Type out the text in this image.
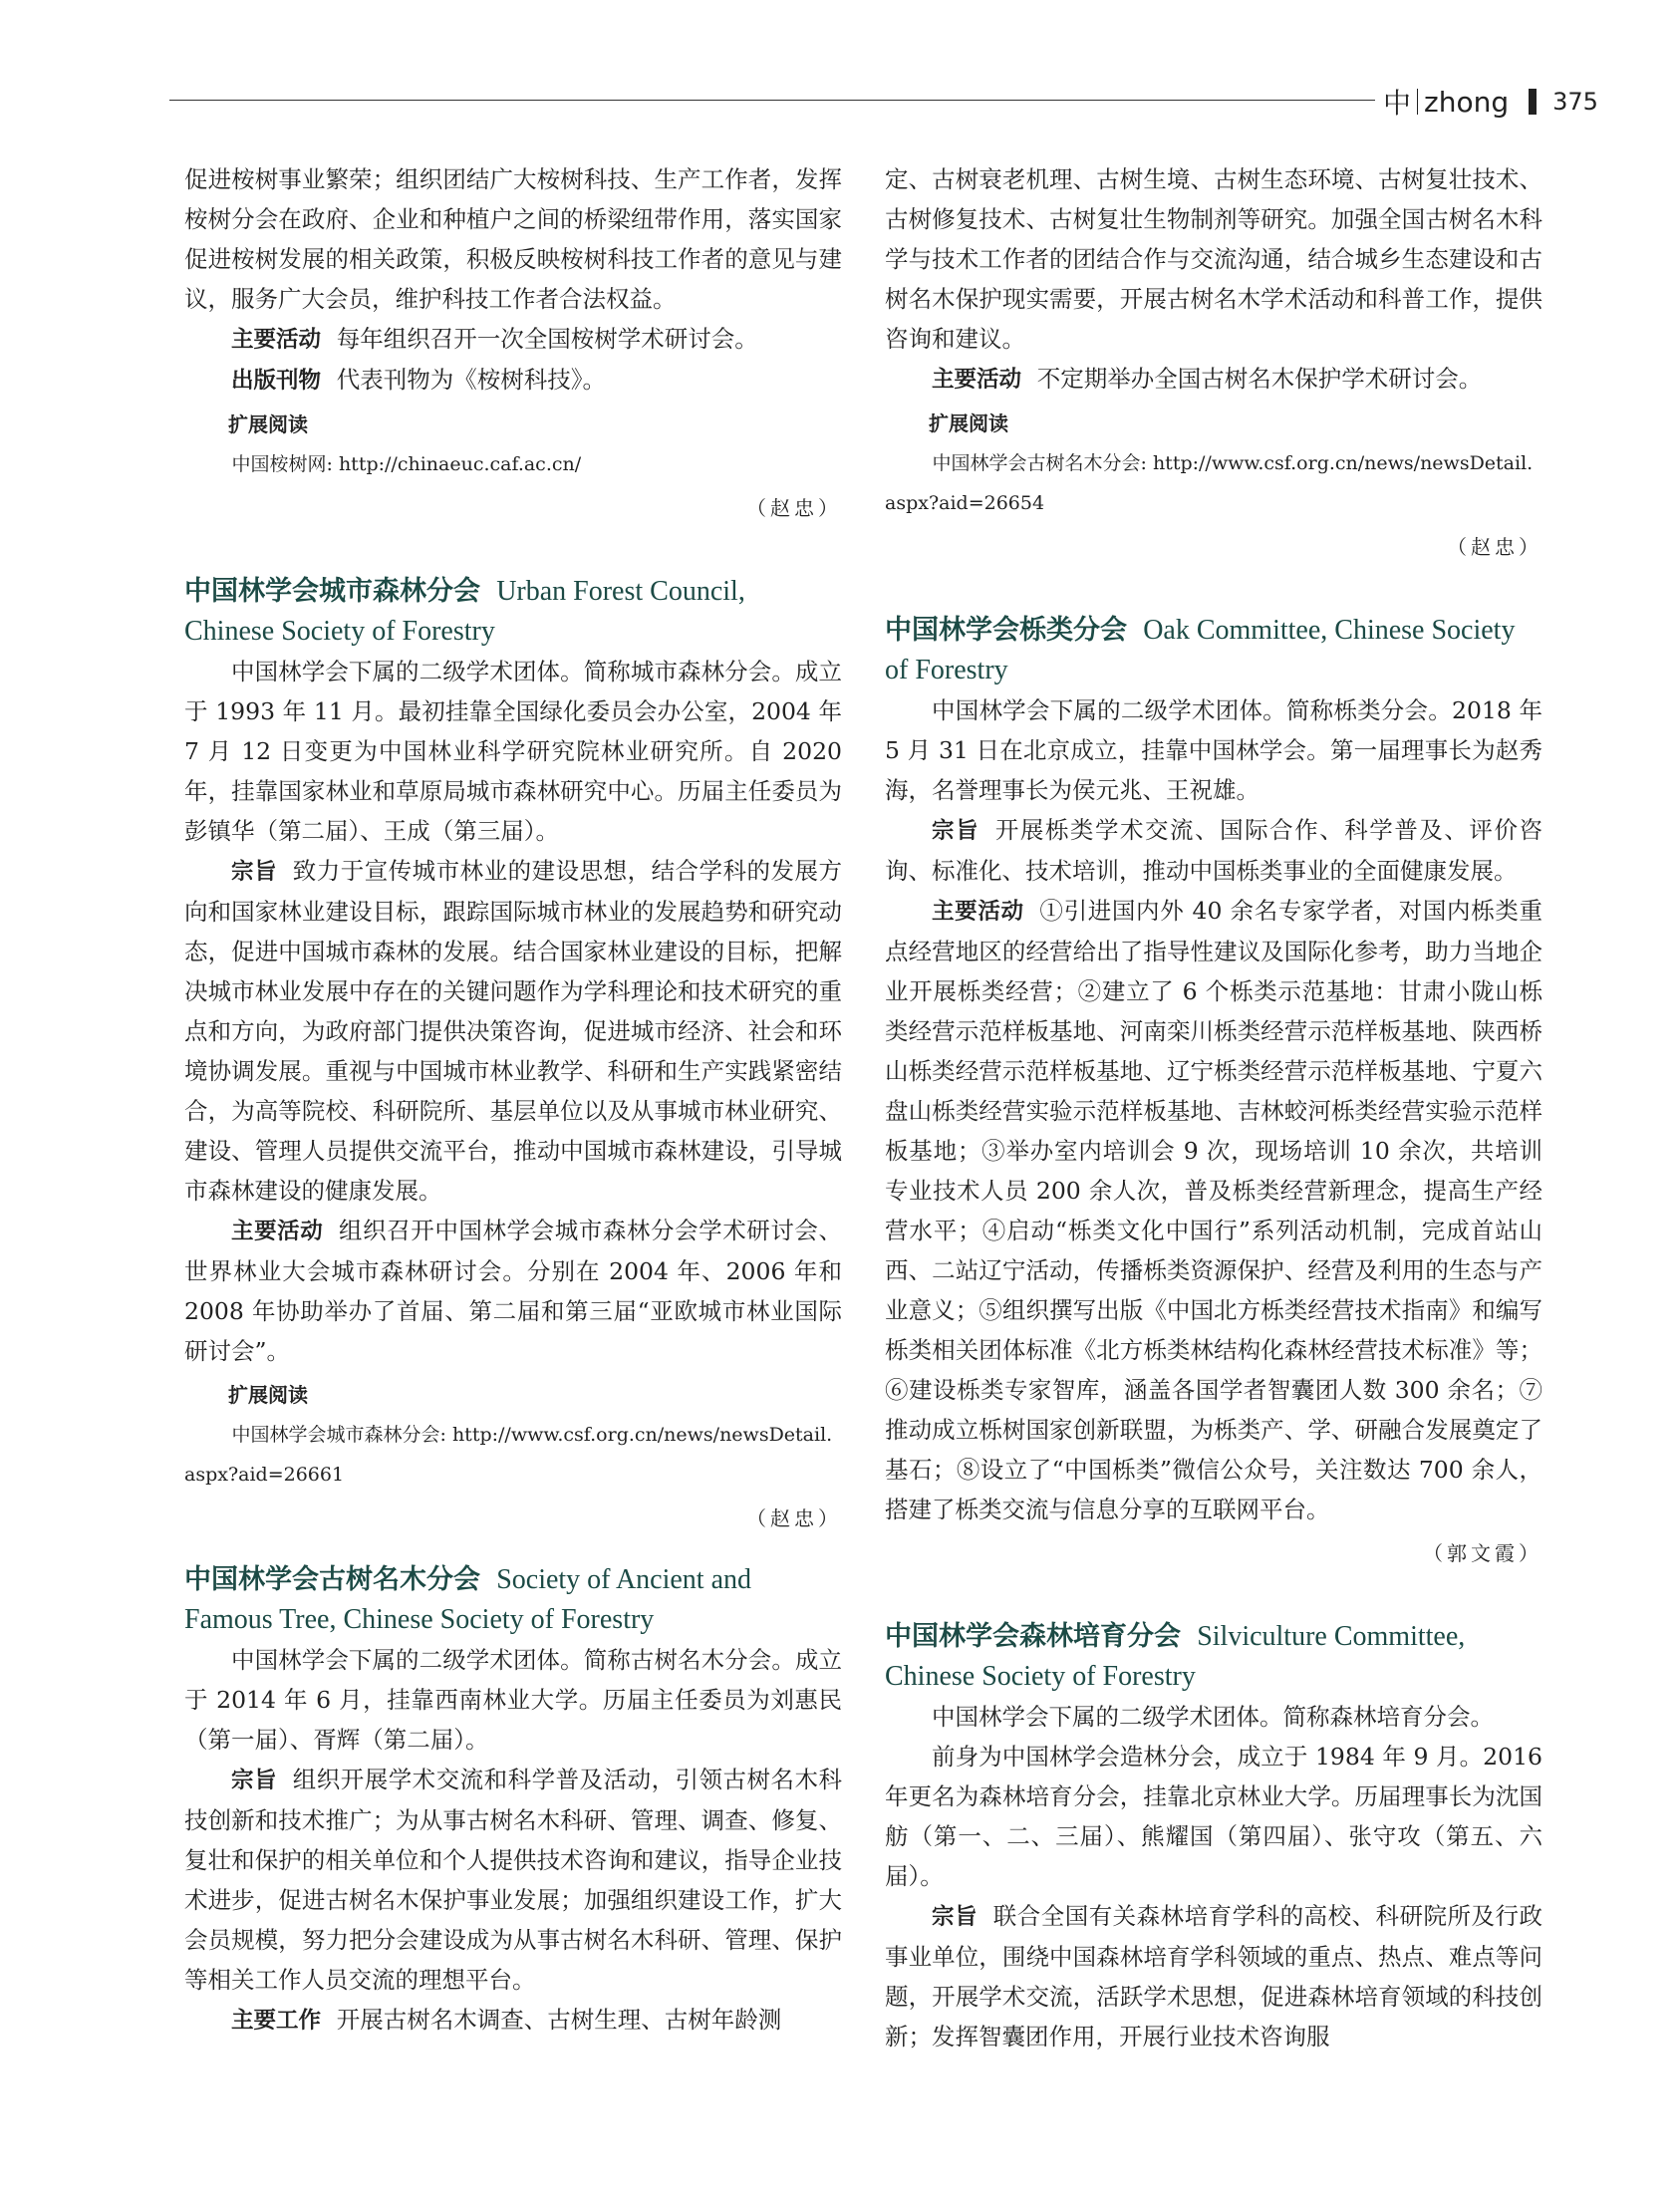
中 zhong 375

促进桉树事业繁荣；组织团结广大桉树科技、生产工作者，发挥桉树分会在政府、企业和种植户之间的桥梁纽带作用，落实国家促进桉树发展的相关政策，积极反映桉树科技工作者的意见与建议，服务广大会员，维护科技工作者合法权益。

主要活动 每年组织召开一次全国桉树学术研讨会。

出版刊物 代表刊物为《桉树科技》。

扩展阅读
中国桉树网: http://chinaeuc.caf.ac.cn/
（赵忠）
中国林学会城市森林分会 Urban Forest Council, Chinese Society of Forestry

中国林学会下属的二级学术团体。简称城市森林分会。成立于 1993 年 11 月。最初挂靠全国绿化委员会办公室，2004 年 7 月 12 日变更为中国林业科学研究院林业研究所。自 2020 年，挂靠国家林业和草原局城市森林研究中心。历届主任委员为彭镇华（第二届）、王成（第三届）。

宗旨 致力于宣传城市林业的建设思想，结合学科的发展方向和国家林业建设目标，跟踪国际城市林业的发展趋势和研究动态，促进中国城市森林的发展。结合国家林业建设的目标，把解决城市林业发展中存在的关键问题作为学科理论和技术研究的重点和方向，为政府部门提供决策咨询，促进城市经济、社会和环境协调发展。重视与中国城市林业教学、科研和生产实践紧密结合，为高等院校、科研院所、基层单位以及从事城市林业研究、建设、管理人员提供交流平台，推动中国城市森林建设，引导城市森林建设的健康发展。

主要活动 组织召开中国林学会城市森林分会学术研讨会、世界林业大会城市森林研讨会。分别在 2004 年、2006 年和 2008 年协助举办了首届、第二届和第三届“亚欧城市林业国际研讨会”。

扩展阅读
中国林学会城市森林分会: http://www.csf.org.cn/news/newsDetail.
aspx?aid=26661
（赵忠）
中国林学会古树名木分会 Society of Ancient and Famous Tree, Chinese Society of Forestry

中国林学会下属的二级学术团体。简称古树名木分会。成立于 2014 年 6 月，挂靠西南林业大学。历届主任委员为刘惠民（第一届）、胥辉（第二届）。

宗旨 组织开展学术交流和科学普及活动，引领古树名木科技创新和技术推广；为从事古树名木科研、管理、调查、修复、复壮和保护的相关单位和个人提供技术咨询和建议，指导企业技术进步，促进古树名木保护事业发展；加强组织建设工作，扩大会员规模，努力把分会建设成为从事古树名木科研、管理、保护等相关工作人员交流的理想平台。

主要工作 开展古树名木调查、古树生理、古树年龄测

定、古树衰老机理、古树生境、古树生态环境、古树复壮技术、古树修复技术、古树复壮生物制剂等研究。加强全国古树名木科学与技术工作者的团结合作与交流沟通，结合城乡生态建设和古树名木保护现实需要，开展古树名木学术活动和科普工作，提供咨询和建议。

主要活动 不定期举办全国古树名木保护学术研讨会。

扩展阅读
中国林学会古树名木分会: http://www.csf.org.cn/news/newsDetail.
aspx?aid=26654
（赵忠）
中国林学会栎类分会 Oak Committee, Chinese Society of Forestry

中国林学会下属的二级学术团体。简称栎类分会。2018 年 5 月 31 日在北京成立，挂靠中国林学会。第一届理事长为赵秀海，名誉理事长为侯元兆、王祝雄。

宗旨 开展栎类学术交流、国际合作、科学普及、评价咨询、标准化、技术培训，推动中国栎类事业的全面健康发展。

主要活动 ①引进国内外 40 余名专家学者，对国内栎类重点经营地区的经营给出了指导性建议及国际化参考，助力当地企业开展栎类经营；②建立了 6 个栎类示范基地：甘肃小陇山栎类经营示范样板基地、河南栾川栎类经营示范样板基地、陕西桥山栎类经营示范样板基地、辽宁栎类经营示范样板基地、宁夏六盘山栎类经营实验示范样板基地、吉林蛟河栎类经营实验示范样板基地；③举办室内培训会 9 次，现场培训 10 余次，共培训专业技术人员 200 余人次，普及栎类经营新理念，提高生产经营水平；④启动“栎类文化中国行”系列活动机制，完成首站山西、二站辽宁活动，传播栎类资源保护、经营及利用的生态与产业意义；⑤组织撰写出版《中国北方栎类经营技术指南》和编写栎类相关团体标准《北方栎类林结构化森林经营技术标准》等；⑥建设栎类专家智库，涵盖各国学者智囊团人数 300 余名；⑦推动成立栎树国家创新联盟，为栎类产、学、研融合发展奠定了基石；⑧设立了“中国栎类”微信公众号，关注数达 700 余人，搭建了栎类交流与信息分享的互联网平台。

（郭文霞）
中国林学会森林培育分会 Silviculture Committee, Chinese Society of Forestry

中国林学会下属的二级学术团体。简称森林培育分会。

前身为中国林学会造林分会，成立于 1984 年 9 月。2016 年更名为森林培育分会，挂靠北京林业大学。历届理事长为沈国舫（第一、二、三届）、熊耀国（第四届）、张守攻（第五、六届）。

宗旨 联合全国有关森林培育学科的高校、科研院所及行政事业单位，围绕中国森林培育学科领域的重点、热点、难点等问题，开展学术交流，活跃学术思想，促进森林培育领域的科技创新；发挥智囊团作用，开展行业技术咨询服
